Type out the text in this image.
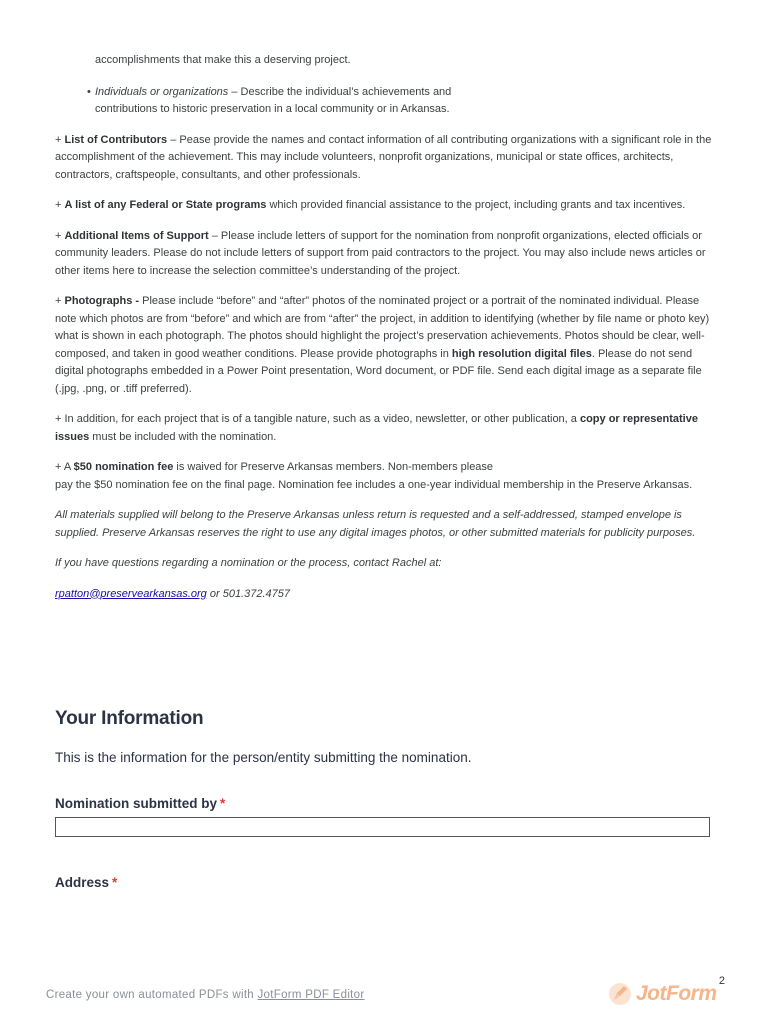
accomplishments that make this a deserving project.

• Individuals or organizations – Describe the individual’s achievements and
contributions to historic preservation in a local community or in Arkansas.

+ List of Contributors – Pease provide the names and contact information of all contributing organizations with a significant role in the accomplishment of the achievement. This may include volunteers, nonprofit organizations, municipal or state offices, architects, contractors, craftspeople, consultants, and other professionals.

+ A list of any Federal or State programs which provided financial assistance to the project, including grants and tax incentives.

+ Additional Items of Support – Please include letters of support for the nomination from nonprofit organizations, elected officials or community leaders. Please do not include letters of support from paid contractors to the project. You may also include news articles or other items here to increase the selection committee’s understanding of the project.

+ Photographs - Please include “before” and “after” photos of the nominated project or a portrait of the nominated individual. Please note which photos are from “before” and which are from “after” the project, in addition to identifying (whether by file name or photo key) what is shown in each photograph. The photos should highlight the project’s preservation achievements. Photos should be clear, well-composed, and taken in good weather conditions. Please provide photographs in high resolution digital files. Please do not send digital photographs embedded in a Power Point presentation, Word document, or PDF file. Send each digital image as a separate file (.jpg, .png, or .tiff preferred).

+ In addition, for each project that is of a tangible nature, such as a video, newsletter, or other publication, a copy or representative issues must be included with the nomination.

+ A $50 nomination fee is waived for Preserve Arkansas members. Non-members please
pay the $50 nomination fee on the final page. Nomination fee includes a one-year individual membership in the Preserve Arkansas.

All materials supplied will belong to the Preserve Arkansas unless return is requested and a self-addressed, stamped envelope is supplied. Preserve Arkansas reserves the right to use any digital images photos, or other submitted materials for publicity purposes.

If you have questions regarding a nomination or the process, contact Rachel at:

rpatton@preservearkansas.org or 501.372.4757

Your Information
This is the information for the person/entity submitting the nomination.
Nomination submitted by *
Address *
2
Create your own automated PDFs with JotForm PDF Editor	JotForm
